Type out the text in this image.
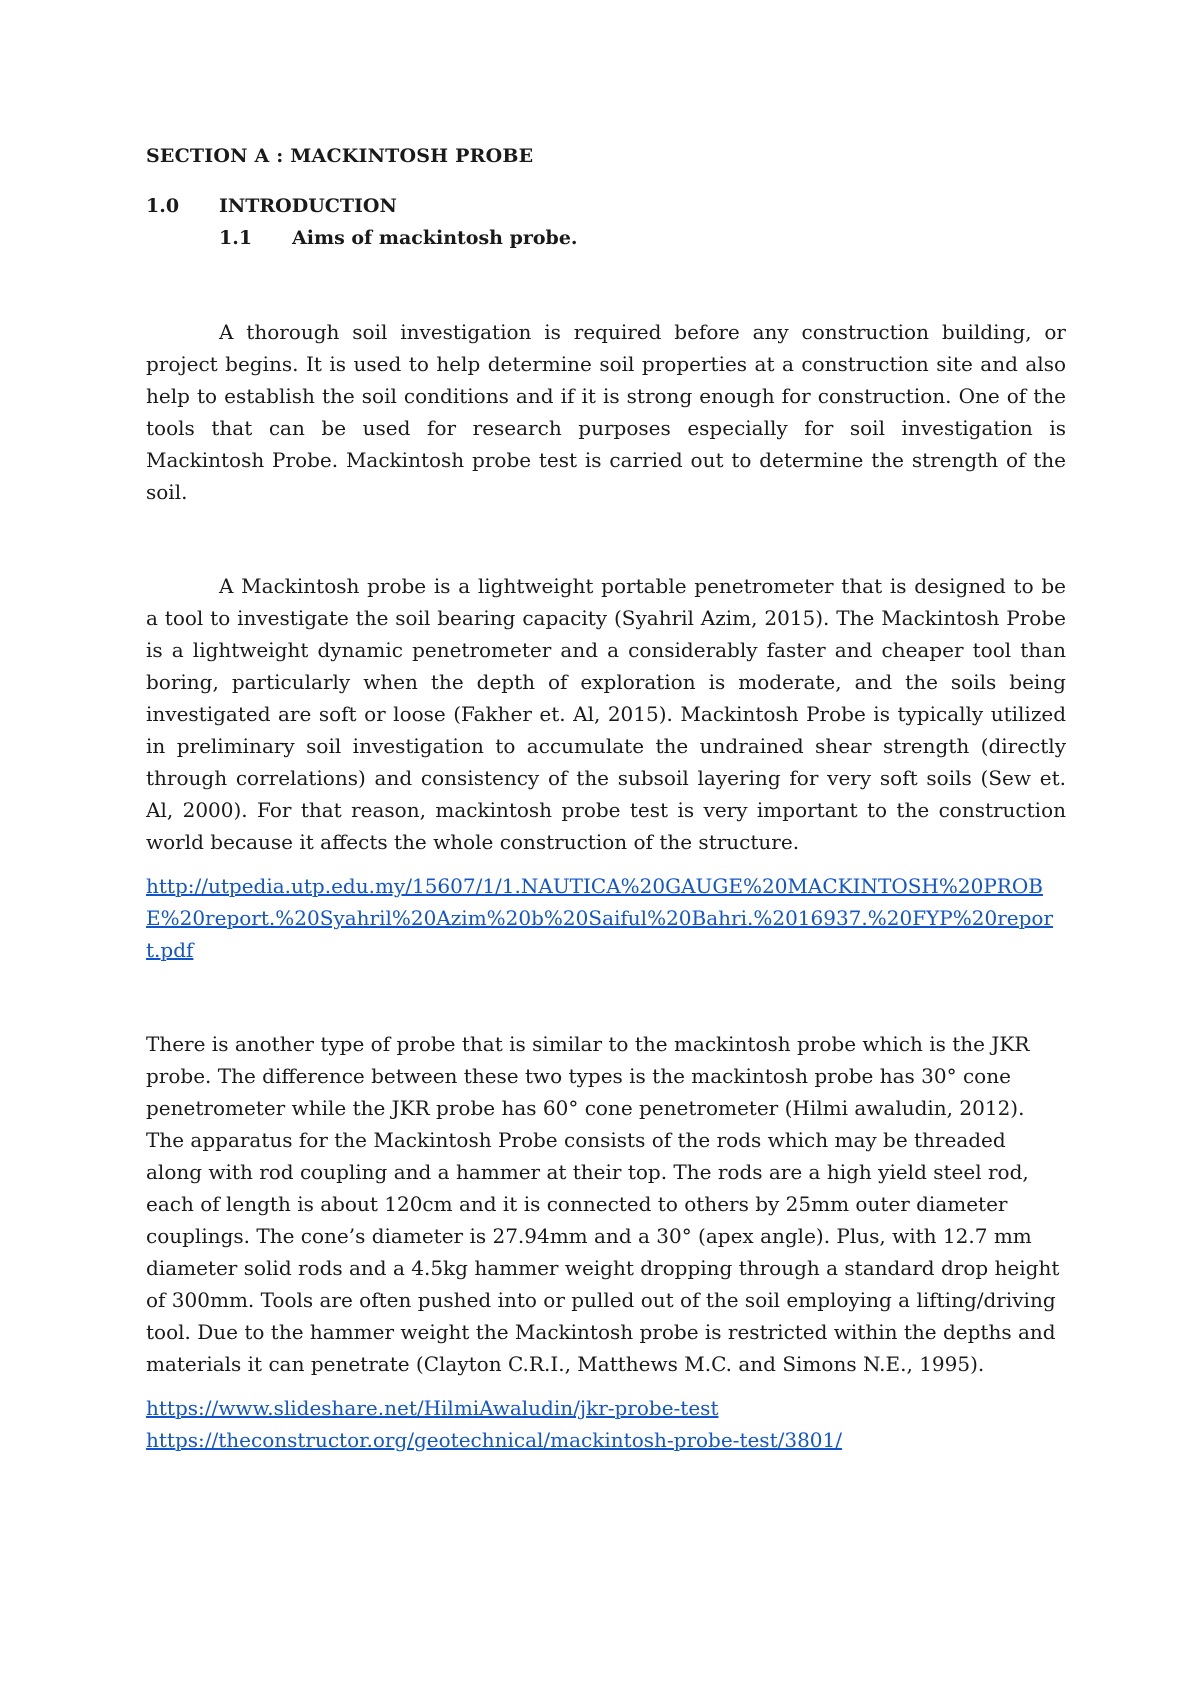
SECTION A : MACKINTOSH PROBE
1.0	INTRODUCTION
1.1	Aims of mackintosh probe.

A thorough soil investigation is required before any construction building, or project begins. It is used to help determine soil properties at a construction site and also help to establish the soil conditions and if it is strong enough for construction. One of the tools that can be used for research purposes especially for soil investigation is Mackintosh Probe. Mackintosh probe test is carried out to determine the strength of the soil.

A Mackintosh probe is a lightweight portable penetrometer that is designed to be a tool to investigate the soil bearing capacity (Syahril Azim, 2015). The Mackintosh Probe is a lightweight dynamic penetrometer and a considerably faster and cheaper tool than boring, particularly when the depth of exploration is moderate, and the soils being investigated are soft or loose (Fakher et. Al, 2015). Mackintosh Probe is typically utilized in preliminary soil investigation to accumulate the undrained shear strength (directly through correlations) and consistency of the subsoil layering for very soft soils (Sew et. Al, 2000). For that reason, mackintosh probe test is very important to the construction world because it affects the whole construction of the structure.

http://utpedia.utp.edu.my/15607/1/1.NAUTICA%20GAUGE%20MACKINTOSH%20PROBE%20report.%20Syahril%20Azim%20b%20Saiful%20Bahri.%2016937.%20FYP%20report.pdf

There is another type of probe that is similar to the mackintosh probe which is the JKR probe. The difference between these two types is the mackintosh probe has 30° cone penetrometer while the JKR probe has 60° cone penetrometer (Hilmi awaludin, 2012). The apparatus for the Mackintosh Probe consists of the rods which may be threaded along with rod coupling and a hammer at their top. The rods are a high yield steel rod, each of length is about 120cm and it is connected to others by 25mm outer diameter couplings. The cone’s diameter is 27.94mm and a 30° (apex angle). Plus, with 12.7 mm diameter solid rods and a 4.5kg hammer weight dropping through a standard drop height of 300mm. Tools are often pushed into or pulled out of the soil employing a lifting/driving tool. Due to the hammer weight the Mackintosh probe is restricted within the depths and materials it can penetrate (Clayton C.R.I., Matthews M.C. and Simons N.E., 1995).

https://www.slideshare.net/HilmiAwaludin/jkr-probe-test
https://theconstructor.org/geotechnical/mackintosh-probe-test/3801/
